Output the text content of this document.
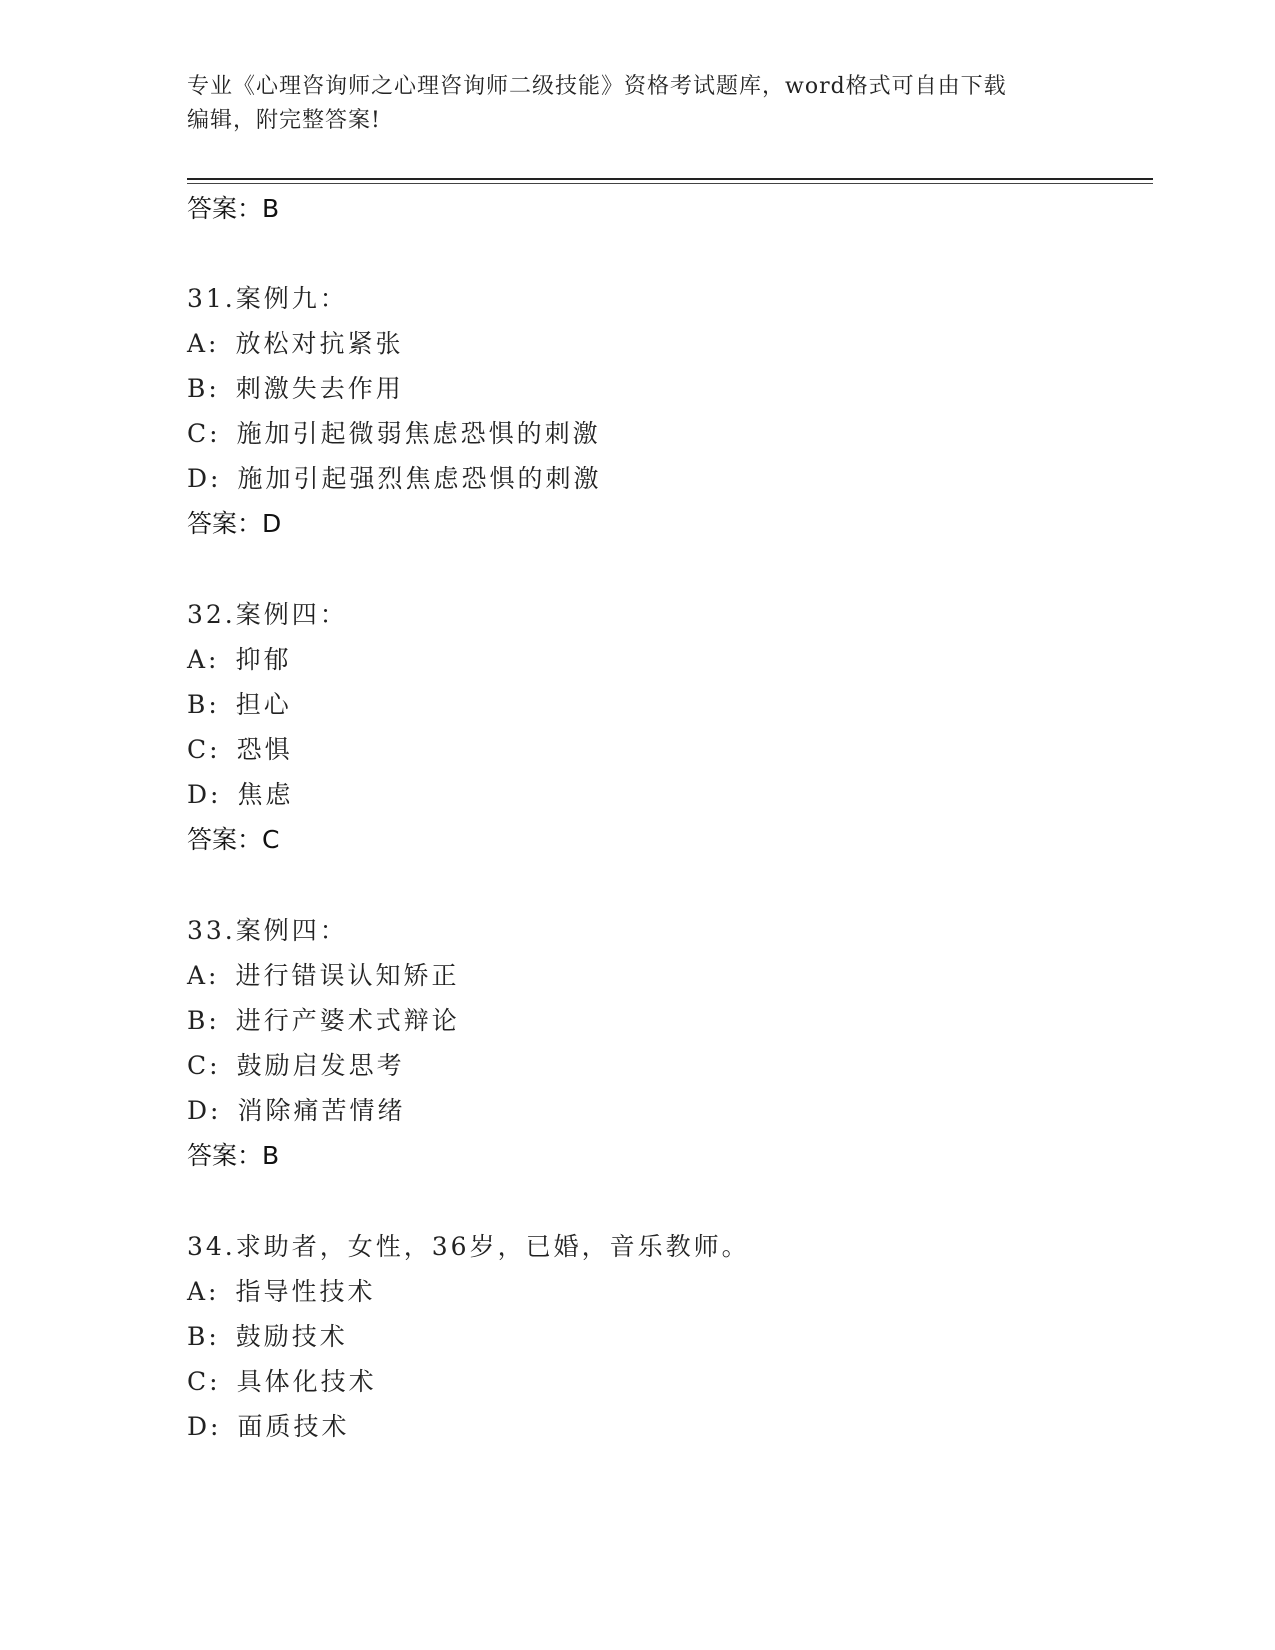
专业《心理咨询师之心理咨询师二级技能》资格考试题库，word格式可自由下载
编辑，附完整答案!
答案：B
31.案例九：
A: 放松对抗紧张
B: 刺激失去作用
C: 施加引起微弱焦虑恐惧的刺激
D: 施加引起强烈焦虑恐惧的刺激
答案：D
32.案例四：
A: 抑郁
B: 担心
C: 恐惧
D: 焦虑
答案：C
33.案例四：
A: 进行错误认知矫正
B: 进行产婆术式辩论
C: 鼓励启发思考
D: 消除痛苦情绪
答案：B
34.求助者，女性，36岁，已婚，音乐教师。
A: 指导性技术
B: 鼓励技术
C: 具体化技术
D: 面质技术
